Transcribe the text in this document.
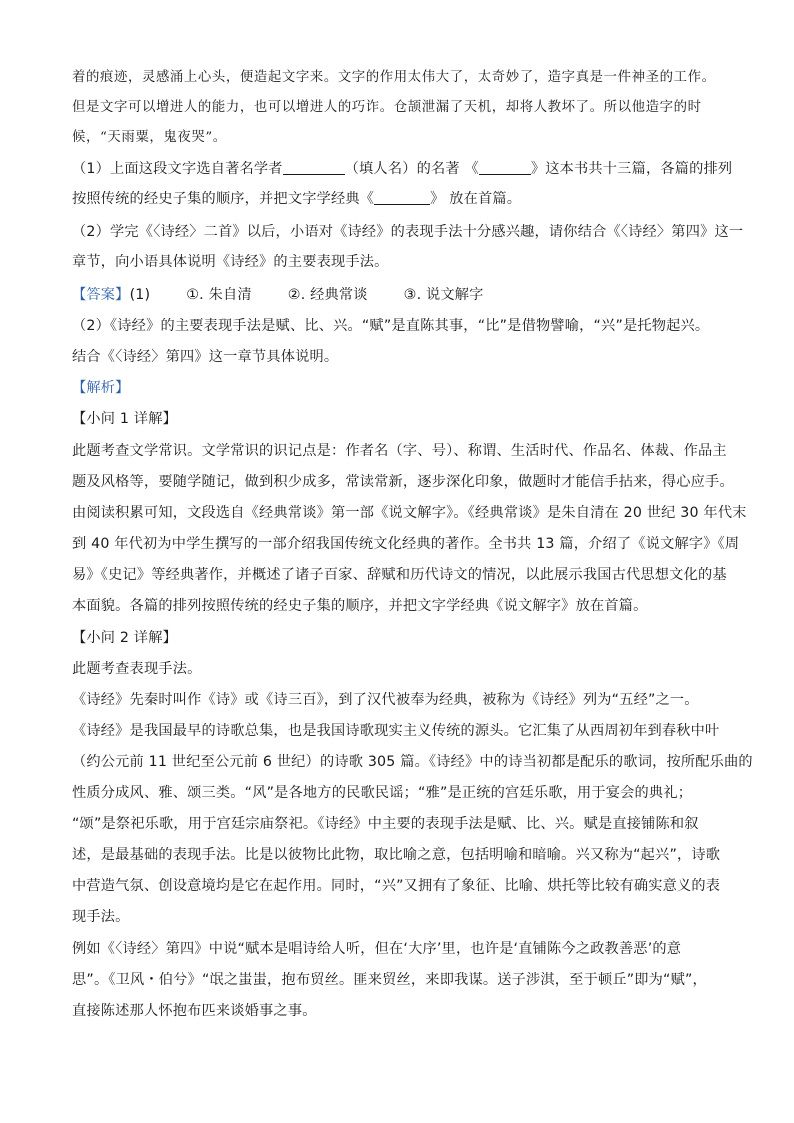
着的痕迹，灵感涌上心头，便造起文字来。文字的作用太伟大了，太奇妙了，造字真是一件神圣的工作。
但是文字可以增进人的能力，也可以增进人的巧诈。仓颉泄漏了天机，却将人教坏了。所以他造字的时
候，“天雨粟，鬼夜哭”。
（1）上面这段文字选自著名学者	（填人名）的名著 《	》这本书共十三篇，各篇的排列
按照传统的经史子集的顺序，并把文字学经典《	》 放在首篇。
（2）学完《〈诗经〉二首》以后，小语对《诗经》的表现手法十分感兴趣，请你结合《〈诗经〉第四》这一
章节，向小语具体说明《诗经》的主要表现手法。
【答案】(1)	①. 朱自清	②. 经典常谈	③. 说文解字
（2）《诗经》的主要表现手法是赋、比、兴。“赋”是直陈其事，“比”是借物譬喻，“兴”是托物起兴。
结合《〈诗经〉第四》这一章节具体说明。
【解析】
【小问 1 详解】
此题考查文学常识。文学常识的识记点是：作者名（字、号）、称谓、生活时代、作品名、体裁、作品主
题及风格等，要随学随记，做到积少成多，常读常新，逐步深化印象，做题时才能信手拈来，得心应手。
由阅读积累可知，文段选自《经典常谈》第一部《说文解字》。《经典常谈》是朱自清在 20 世纪 30 年代末
到 40 年代初为中学生撰写的一部介绍我国传统文化经典的著作。全书共 13 篇，介绍了《说文解字》《周
易》《史记》等经典著作，并概述了诸子百家、辞赋和历代诗文的情况，以此展示我国古代思想文化的基
本面貌。各篇的排列按照传统的经史子集的顺序，并把文字学经典《说文解字》放在首篇。
【小问 2 详解】
此题考查表现手法。
《诗经》先秦时叫作《诗》或《诗三百》，到了汉代被奉为经典，被称为《诗经》列为“五经”之一。
《诗经》是我国最早的诗歌总集，也是我国诗歌现实主义传统的源头。它汇集了从西周初年到春秋中叶
（约公元前 11 世纪至公元前 6 世纪）的诗歌 305 篇。《诗经》中的诗当初都是配乐的歌词，按所配乐曲的
性质分成风、雅、颂三类。“风”是各地方的民歌民谣；“雅”是正统的宫廷乐歌，用于宴会的典礼；
“颂”是祭祀乐歌，用于宫廷宗庙祭祀。《诗经》中主要的表现手法是赋、比、兴。赋是直接铺陈和叙
述，是最基础的表现手法。比是以彼物比此物，取比喻之意，包括明喻和暗喻。兴又称为“起兴”，诗歌
中营造气氛、创设意境均是它在起作用。同时，“兴”又拥有了象征、比喻、烘托等比较有确实意义的表
现手法。
例如《〈诗经〉第四》中说“赋本是唱诗给人听，但在‘大序’里，也许是‘直铺陈今之政教善恶’的意
思”。《卫风・伯兮》“氓之蚩蚩，抱布贸丝。匪来贸丝，来即我谋。送子涉淇，至于顿丘”即为“赋”，
直接陈述那人怀抱布匹来谈婚事之事。
